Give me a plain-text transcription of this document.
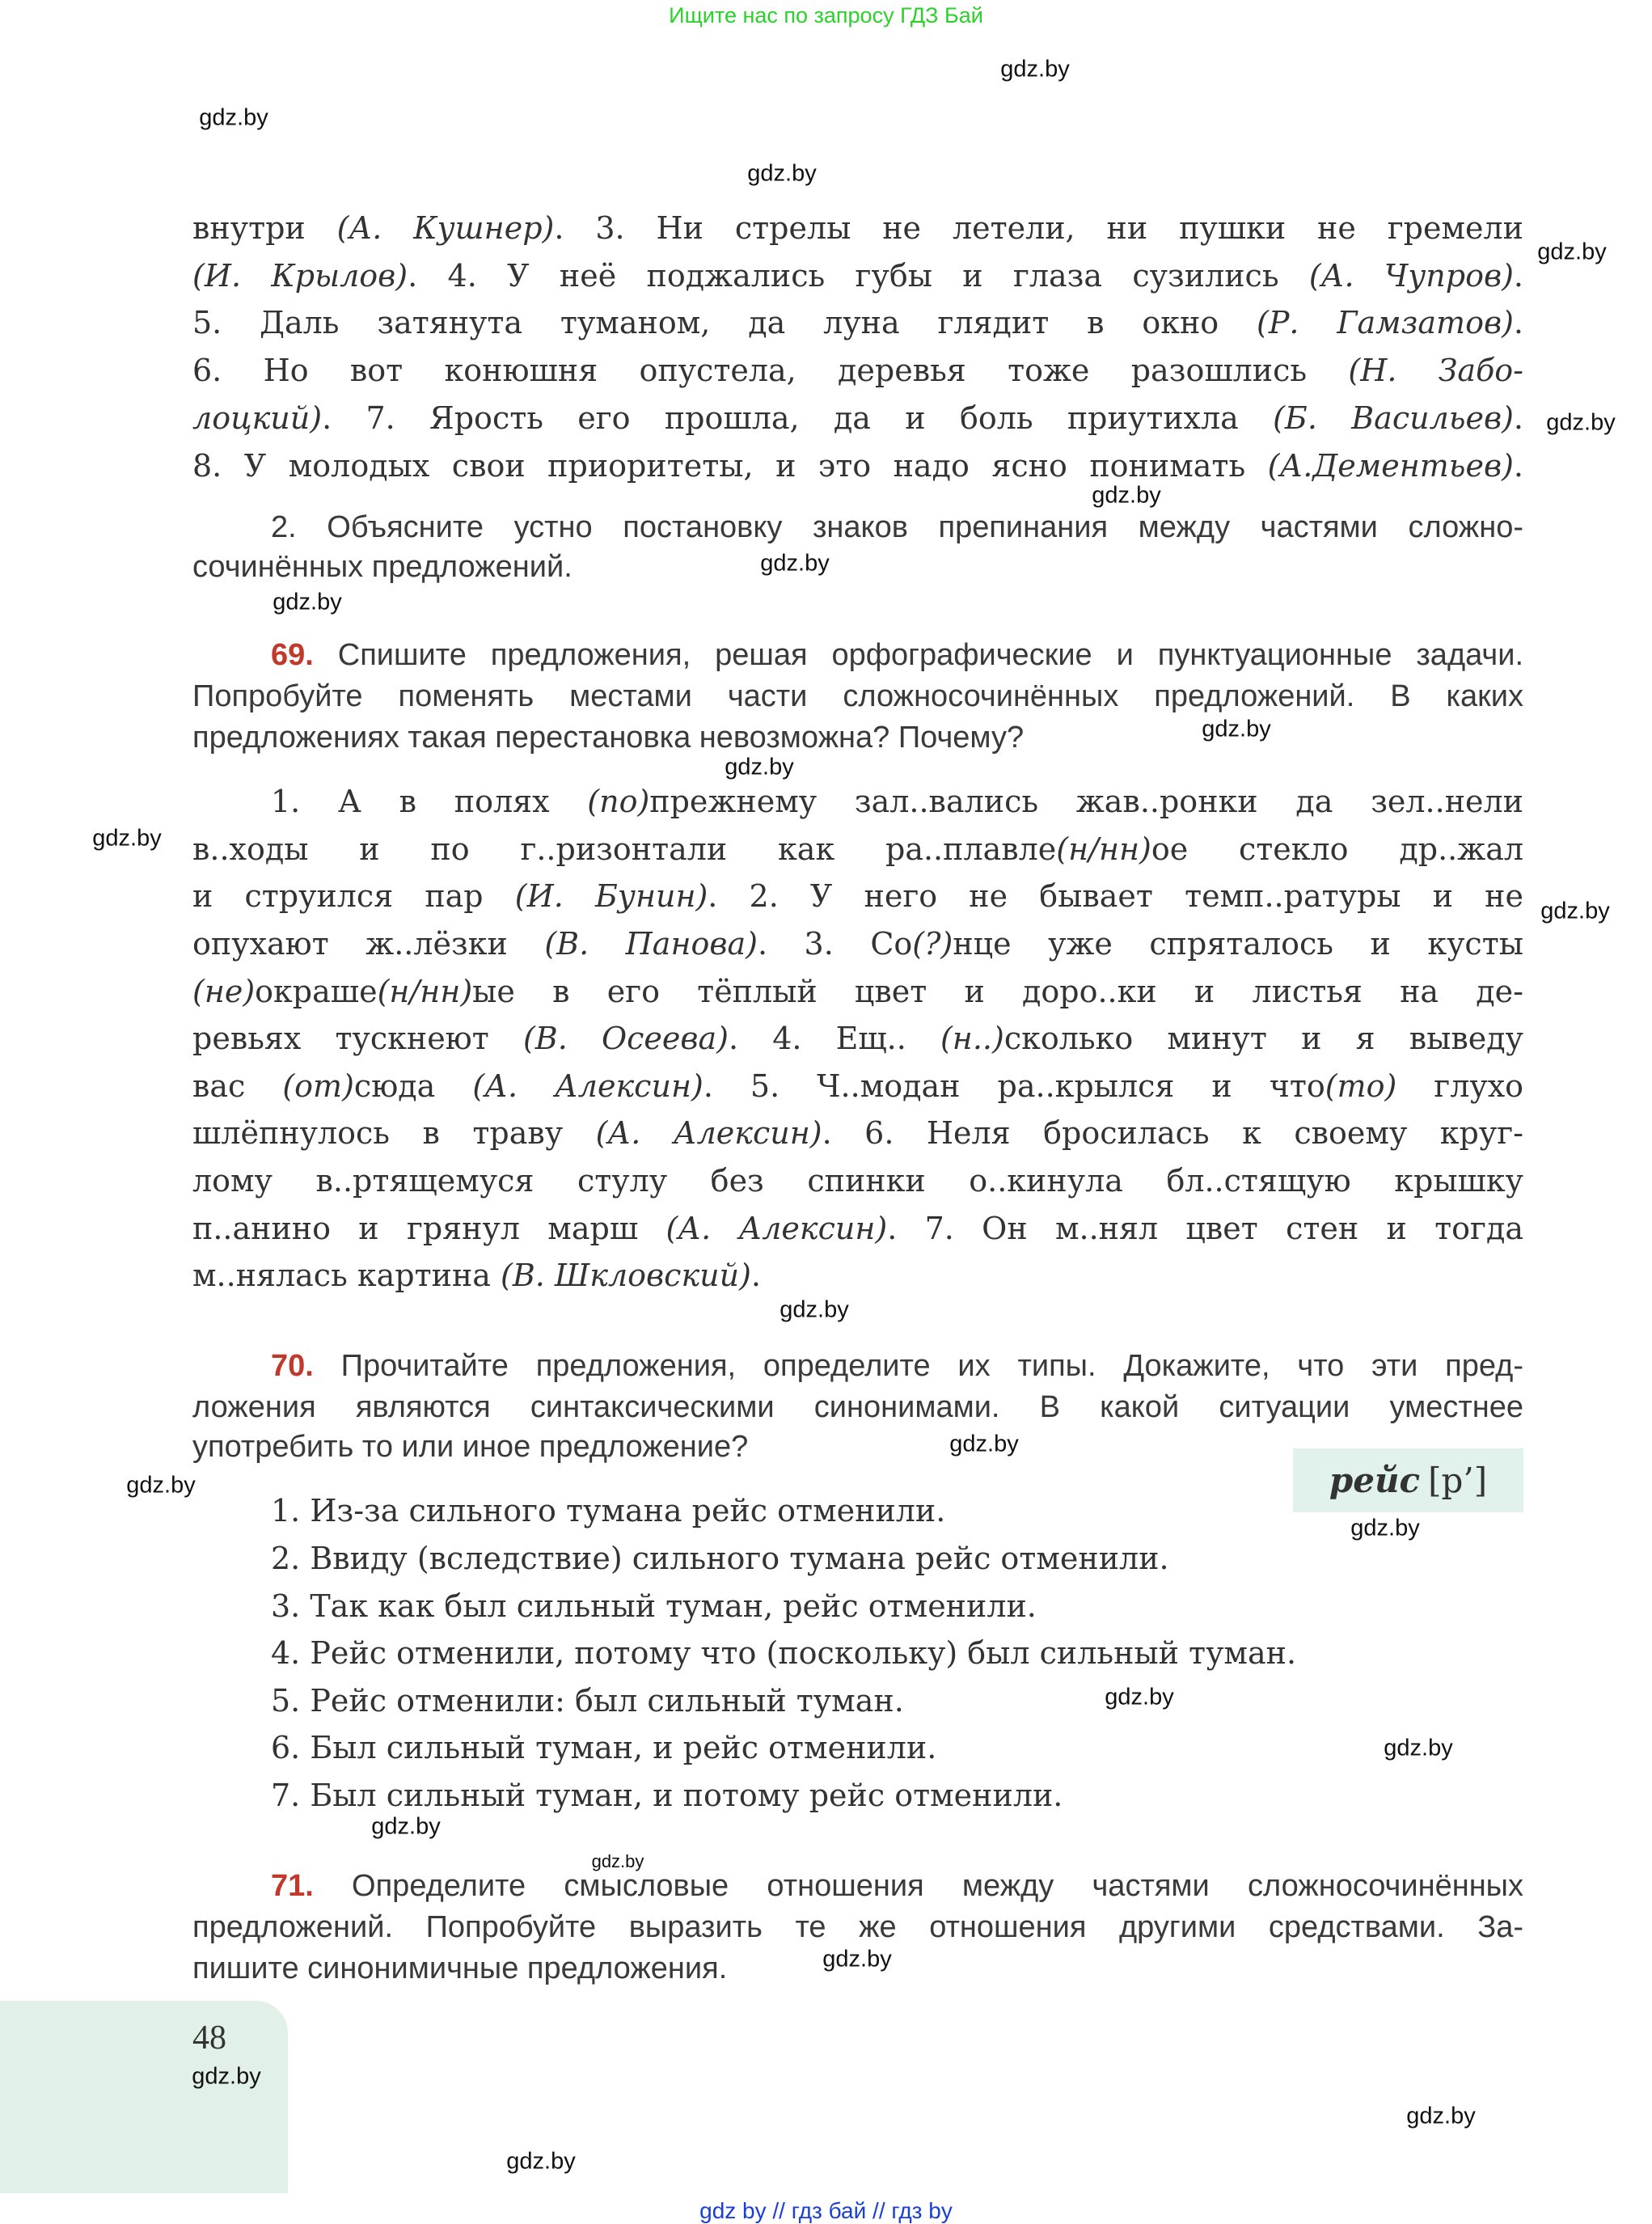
Ищите нас по запросу ГДЗ Бай
внутри (А. Кушнер). 3. Ни стрелы не летели, ни пушки не гремели
(И. Крылов). 4. У неё поджались губы и глаза сузились (А. Чупров).
5. Даль затянута туманом, да луна глядит в окно (Р. Гамзатов).
6. Но вот конюшня опустела, деревья тоже разошлись (Н. Забо-
лоцкий). 7. Ярость его прошла, да и боль приутихла (Б. Васильев).
8. У молодых свои приоритеты, и это надо ясно понимать (А.Дементьев).
2. Объясните устно постановку знаков препинания между частями сложно-
сочинённых предложений.
69. Спишите предложения, решая орфографические и пунктуационные задачи.
Попробуйте поменять местами части сложносочинённых предложений. В каких
предложениях такая перестановка невозможна? Почему?
1. А в полях (по)прежнему зал..вались жав..ронки да зел..нели
в..ходы и по г..ризонтали как ра..плавле(н/нн)ое стекло др..жал
и струился пар (И. Бунин). 2. У него не бывает темп..ратуры и не
опухают ж..лёзки (В. Панова). 3. Со(?)нце уже спряталось и кусты
(не)окраше(н/нн)ые в его тёплый цвет и доро..ки и листья на де-
ревьях тускнеют (В. Осеева). 4. Ещ.. (н..)сколько минут и я выведу
вас (от)сюда (А. Алексин). 5. Ч..модан ра..крылся и что(то) глухо
шлёпнулось в траву (А. Алексин). 6. Неля бросилась к своему круг-
лому в..ртящемуся стулу без спинки о..кинула бл..стящую крышку
п..анино и грянул марш (А. Алексин). 7. Он м..нял цвет стен и тогда
м..нялась картина (В. Шкловский).
70. Прочитайте предложения, определите их типы. Докажите, что эти пред-
ложения являются синтаксическими синонимами. В какой ситуации уместнее
употребить то или иное предложение?
рейс [р’]
1. Из-за сильного тумана рейс отменили.
2. Ввиду (вследствие) сильного тумана рейс отменили.
3. Так как был сильный туман, рейс отменили.
4. Рейс отменили, потому что (поскольку) был сильный туман.
5. Рейс отменили: был сильный туман.
6. Был сильный туман, и рейс отменили.
7. Был сильный туман, и потому рейс отменили.
71. Определите смысловые отношения между частями сложносочинённых
предложений. Попробуйте выразить те же отношения другими средствами. За-
пишите синонимичные предложения.
48
gdz.by
gdz.by
gdz.by
gdz.by
gdz.by
gdz.by
gdz.by
gdz.by
gdz.by
gdz.by
gdz.by
gdz.by
gdz.by
gdz.by
gdz.by
gdz.by
gdz.by
gdz.by
gdz.by
gdz.by
gdz.by
gdz.by
gdz.by
gdz.by
gdz by // гдз бай // гдз by
